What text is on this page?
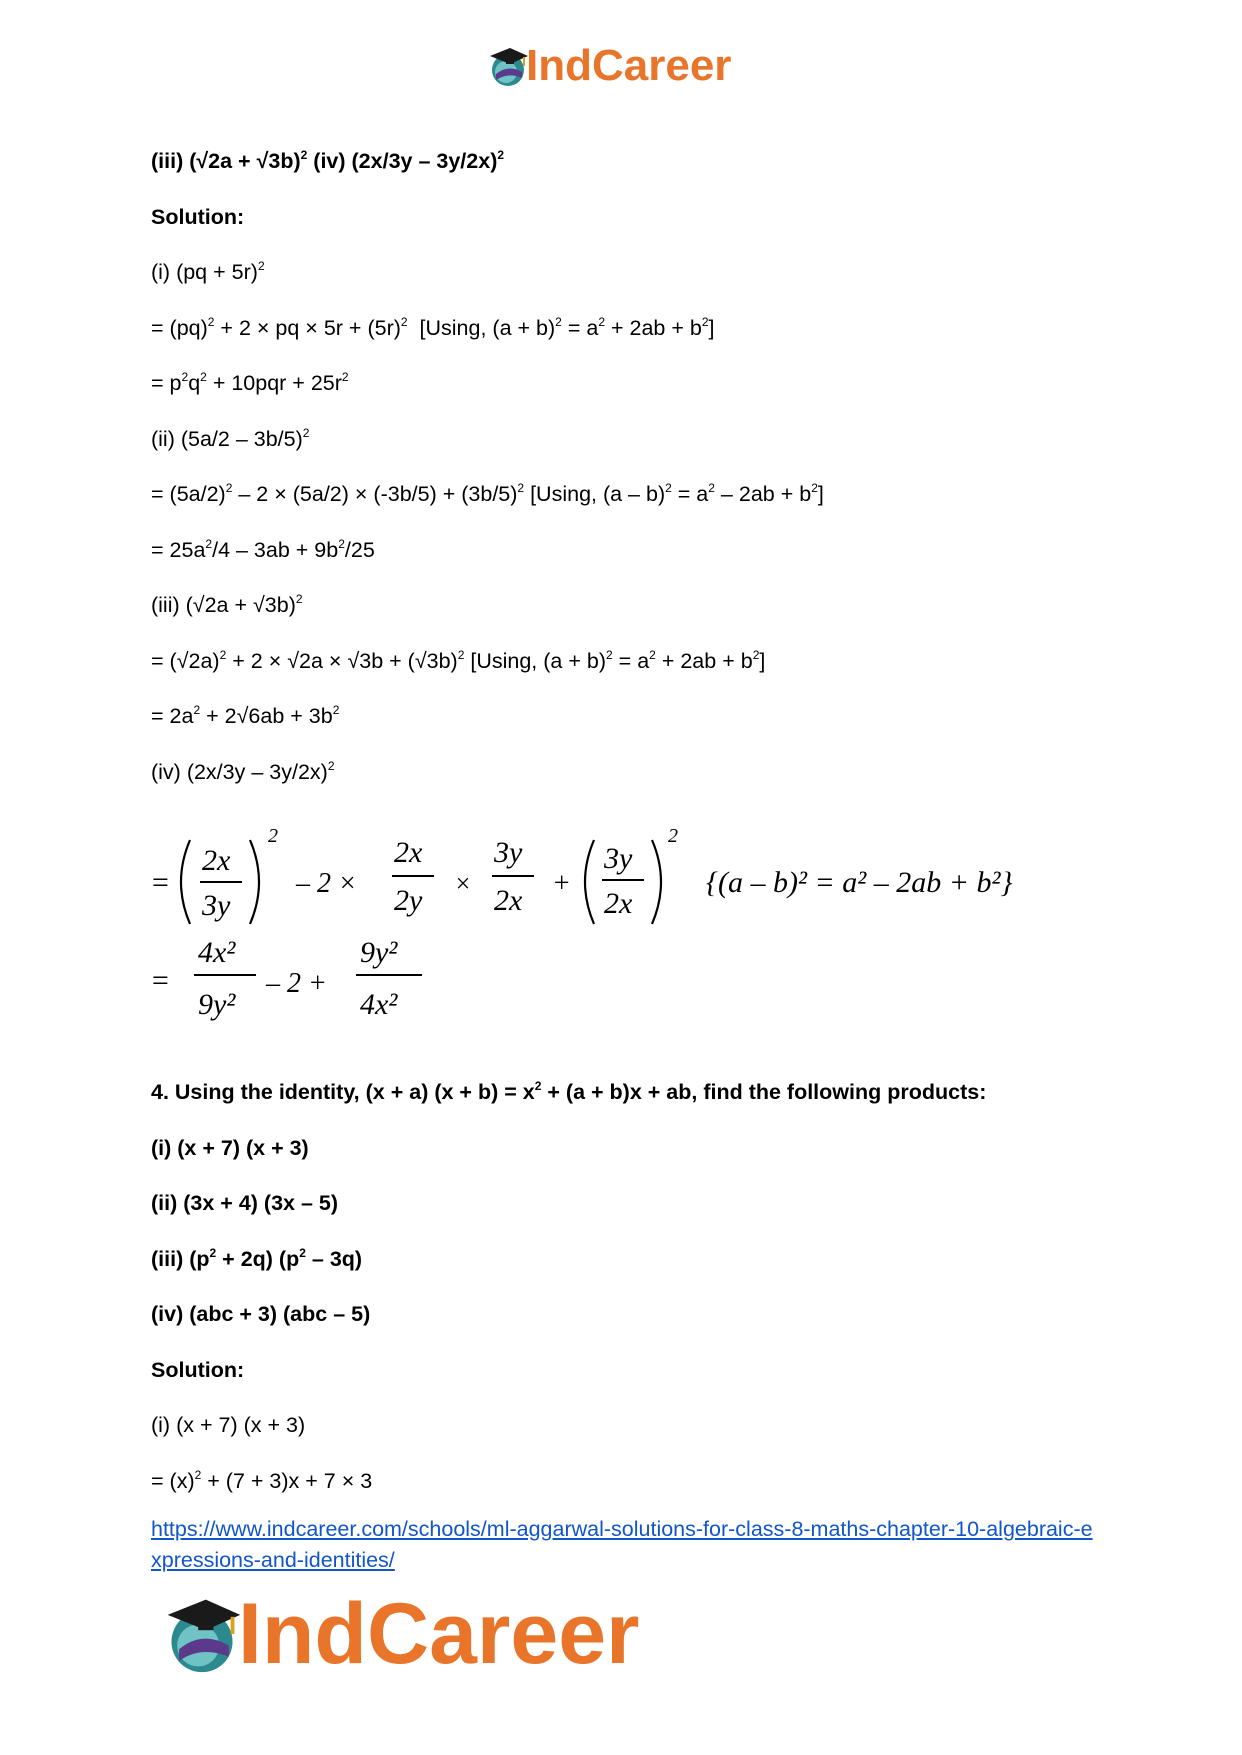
IndCareer
(iii) $(√2a + √3b)^2$ (iv) (2x/3y – 3y/2x)$^2$
Solution:
(i) (pq + 5r)$^2$
= (pq)$^2$ + 2 × pq × $5r + (5r)^2$  [Using, $(a + b)^2 = a^2 + 2ab + b^2$]
= $p^2q^2 + 10pqr + 25r^2$
(ii) (5a/2 – 3b/5)$^2$
= $(5a/2)^2 - 2 \times (5a/2) \times (-3b/5) + (3b/5)^2$ [Using, $(a - b)^2 = a^2 - 2ab + b^2$]
= $25a^2/4 - 3ab + 9b^2/25$
(iii) $(√2a + √3b)^2$
= $(√2a)^2 + 2 \times √2a \times √3b + (√3b)^2$ [Using, $(a + b)^2 = a^2 + 2ab + b^2$]
= $2a^2 + 2√6ab + 3b^2$
(iv) (2x/3y – 3y/2x)$^2$
4. Using the identity, (x + a) $(x + b) = x^2 + (a + b)x$ + ab, find the following products:
(i) (x + 7) (x + 3)
(ii) (3x + 4) (3x – 5)
(iii) $(p^2 + 2q)$ $(p^2 - 3q)$
(iv) (abc + 3) (abc – 5)
Solution:
(i) (x + 7) (x + 3)
= $(x)^2 + (7 + 3)x + 7 \times 3$
=
2x
3y
2
– 2 ×
2x
2y
×
3y
2x
+
3y
2x
2
{(a – b)² = a² – 2ab + b²}
=
4x²
9y²
– 2 +
9y²
4x²
https://www.indcareer.com/schools/ml-aggarwal-solutions-for-class-8-maths-chapter-10-algebraic-expressions-and-identities/
IndCareer
